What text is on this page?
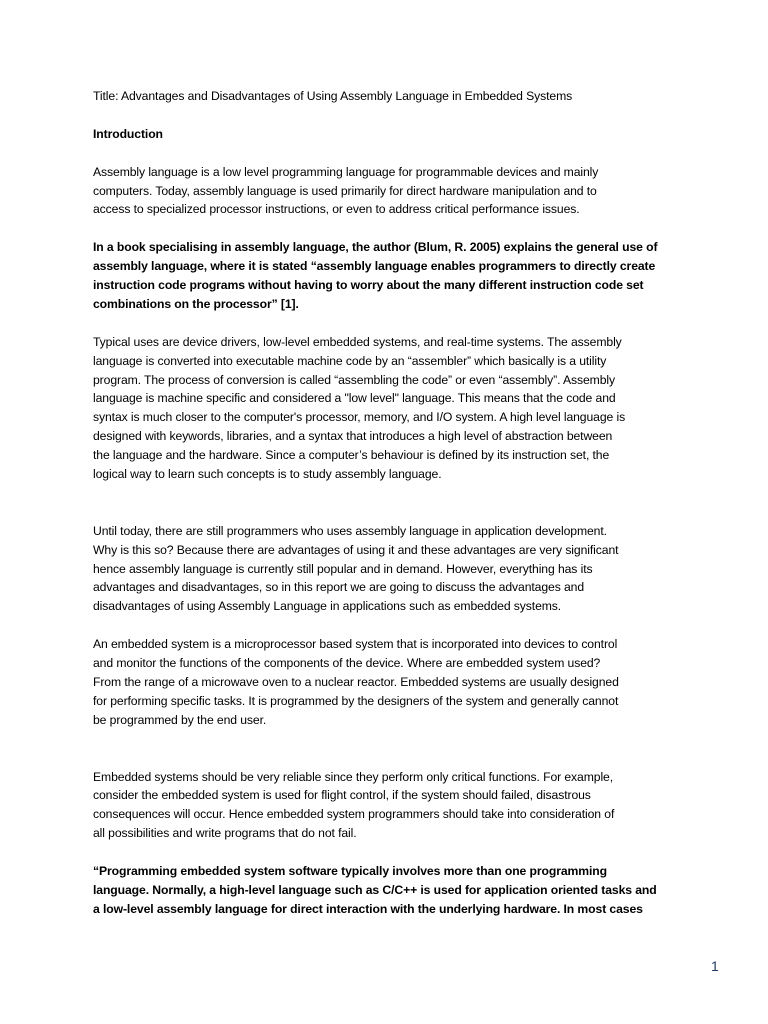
Title: Advantages and Disadvantages of Using Assembly Language in Embedded Systems
Introduction
Assembly language is a low level programming language for programmable devices and mainly
computers. Today, assembly language is used primarily for direct hardware manipulation and to
access to specialized processor instructions, or even to address critical performance issues.
In a book specialising in assembly language, the author (Blum, R. 2005) explains the general use of
assembly language, where it is stated “assembly language enables programmers to directly create
instruction code programs without having to worry about the many different instruction code set
combinations on the processor” [1].
Typical uses are device drivers, low-level embedded systems, and real-time systems. The assembly
language is converted into executable machine code by an “assembler” which basically is a utility
program. The process of conversion is called “assembling the code” or even “assembly”. Assembly
language is machine specific and considered a "low level" language. This means that the code and
syntax is much closer to the computer's processor, memory, and I/O system. A high level language is
designed with keywords, libraries, and a syntax that introduces a high level of abstraction between
the language and the hardware. Since a computer’s behaviour is defined by its instruction set, the
logical way to learn such concepts is to study assembly language.
Until today, there are still programmers who uses assembly language in application development.
Why is this so? Because there are advantages of using it and these advantages are very significant
hence assembly language is currently still popular and in demand. However, everything has its
advantages and disadvantages, so in this report we are going to discuss the advantages and
disadvantages of using Assembly Language in applications such as embedded systems.
An embedded system is a microprocessor based system that is incorporated into devices to control
and monitor the functions of the components of the device. Where are embedded system used?
From the range of a microwave oven to a nuclear reactor. Embedded systems are usually designed
for performing specific tasks. It is programmed by the designers of the system and generally cannot
be programmed by the end user.
Embedded systems should be very reliable since they perform only critical functions. For example,
consider the embedded system is used for flight control, if the system should failed, disastrous
consequences will occur. Hence embedded system programmers should take into consideration of
all possibilities and write programs that do not fail.
“Programming embedded system software typically involves more than one programming
language. Normally, a high-level language such as C/C++ is used for application oriented tasks and
a low-level assembly language for direct interaction with the underlying hardware. In most cases
1
